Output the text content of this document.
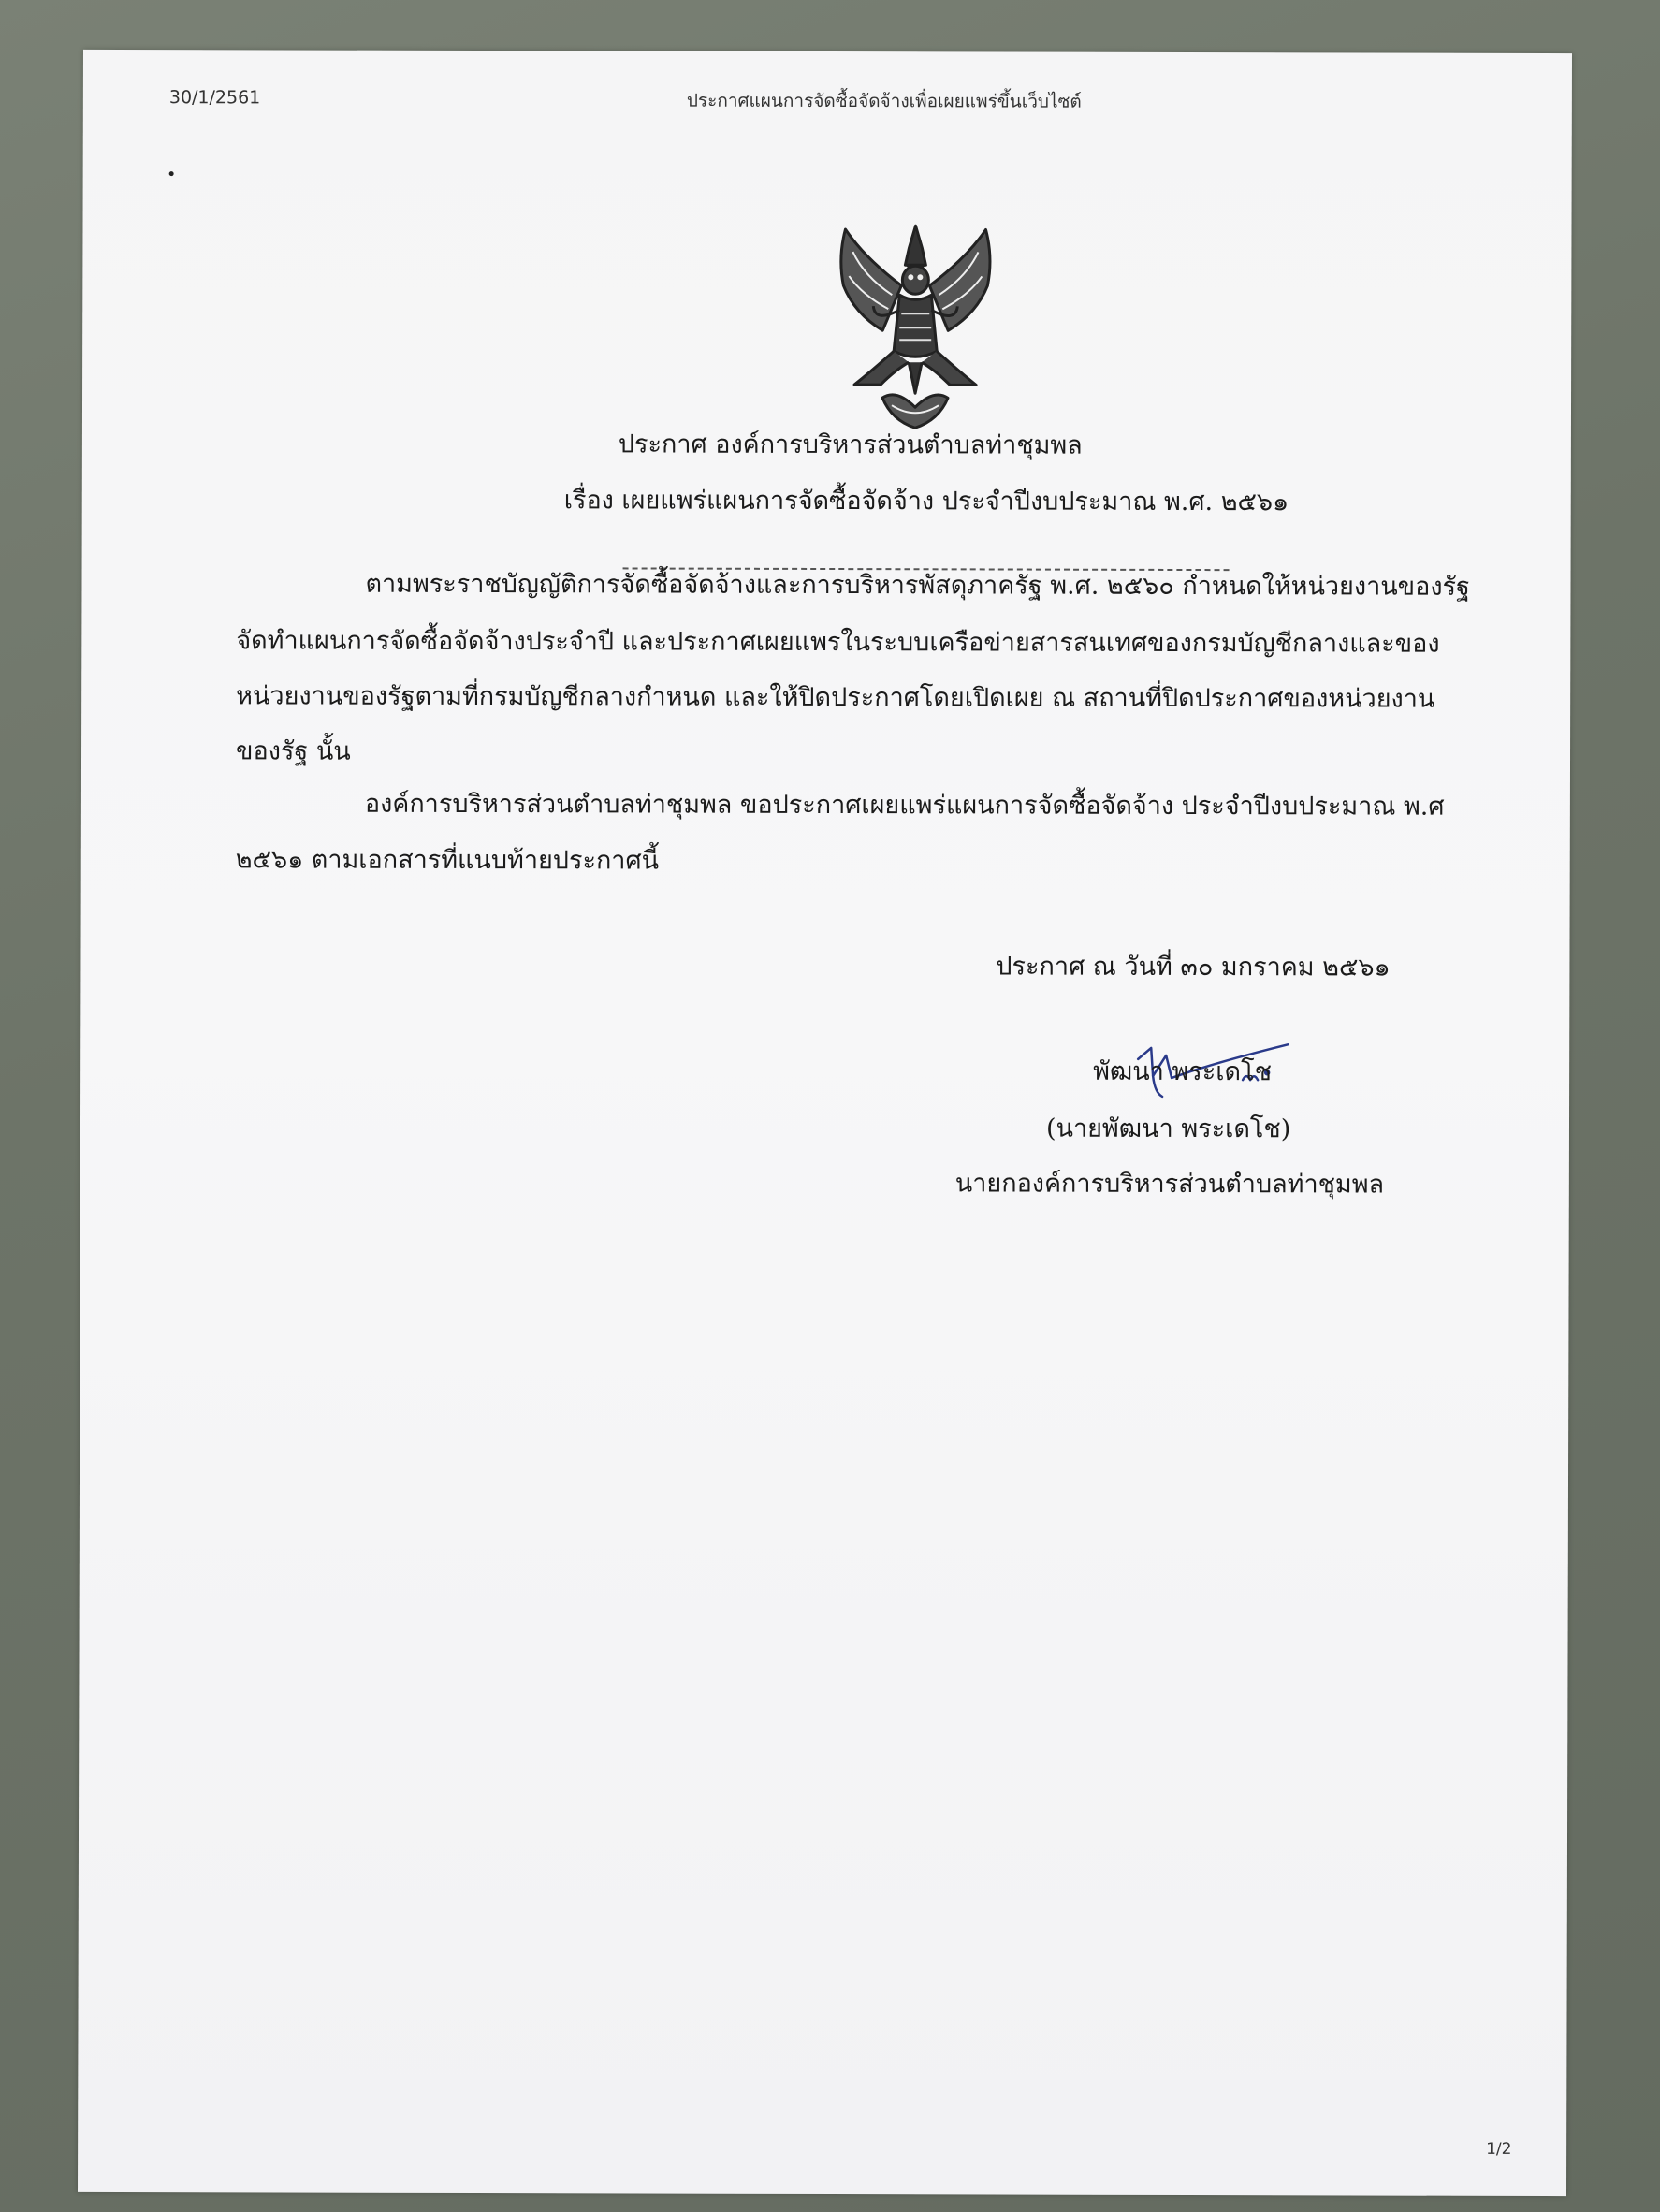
30/1/2561	ประกาศแผนการจัดซื้อจัดจ้างเพื่อเผยแพร่ขึ้นเว็บไซต์
ประกาศ องค์การบริหารส่วนตำบลท่าชุมพล
เรื่อง เผยแพร่แผนการจัดซื้อจัดจ้าง ประจำปีงบประมาณ พ.ศ. ๒๕๖๑
ตามพระราชบัญญัติการจัดซื้อจัดจ้างและการบริหารพัสดุภาครัฐ พ.ศ. ๒๕๖๐ กำหนดให้หน่วยงานของรัฐ
จัดทำแผนการจัดซื้อจัดจ้างประจำปี และประกาศเผยแพรในระบบเครือข่ายสารสนเทศของกรมบัญชีกลางและของ
หน่วยงานของรัฐตามที่กรมบัญชีกลางกำหนด และให้ปิดประกาศโดยเปิดเผย ณ สถานที่ปิดประกาศของหน่วยงาน
ของรัฐ นั้น
องค์การบริหารส่วนตำบลท่าชุมพล ขอประกาศเผยแพร่แผนการจัดซื้อจัดจ้าง ประจำปีงบประมาณ พ.ศ
๒๕๖๑ ตามเอกสารที่แนบท้ายประกาศนี้
ประกาศ ณ วันที่ ๓๐ มกราคม ๒๕๖๑
พัฒนา พระเดโช
(นายพัฒนา พระเดโช)
นายกองค์การบริหารส่วนตำบลท่าชุมพล
1/2
